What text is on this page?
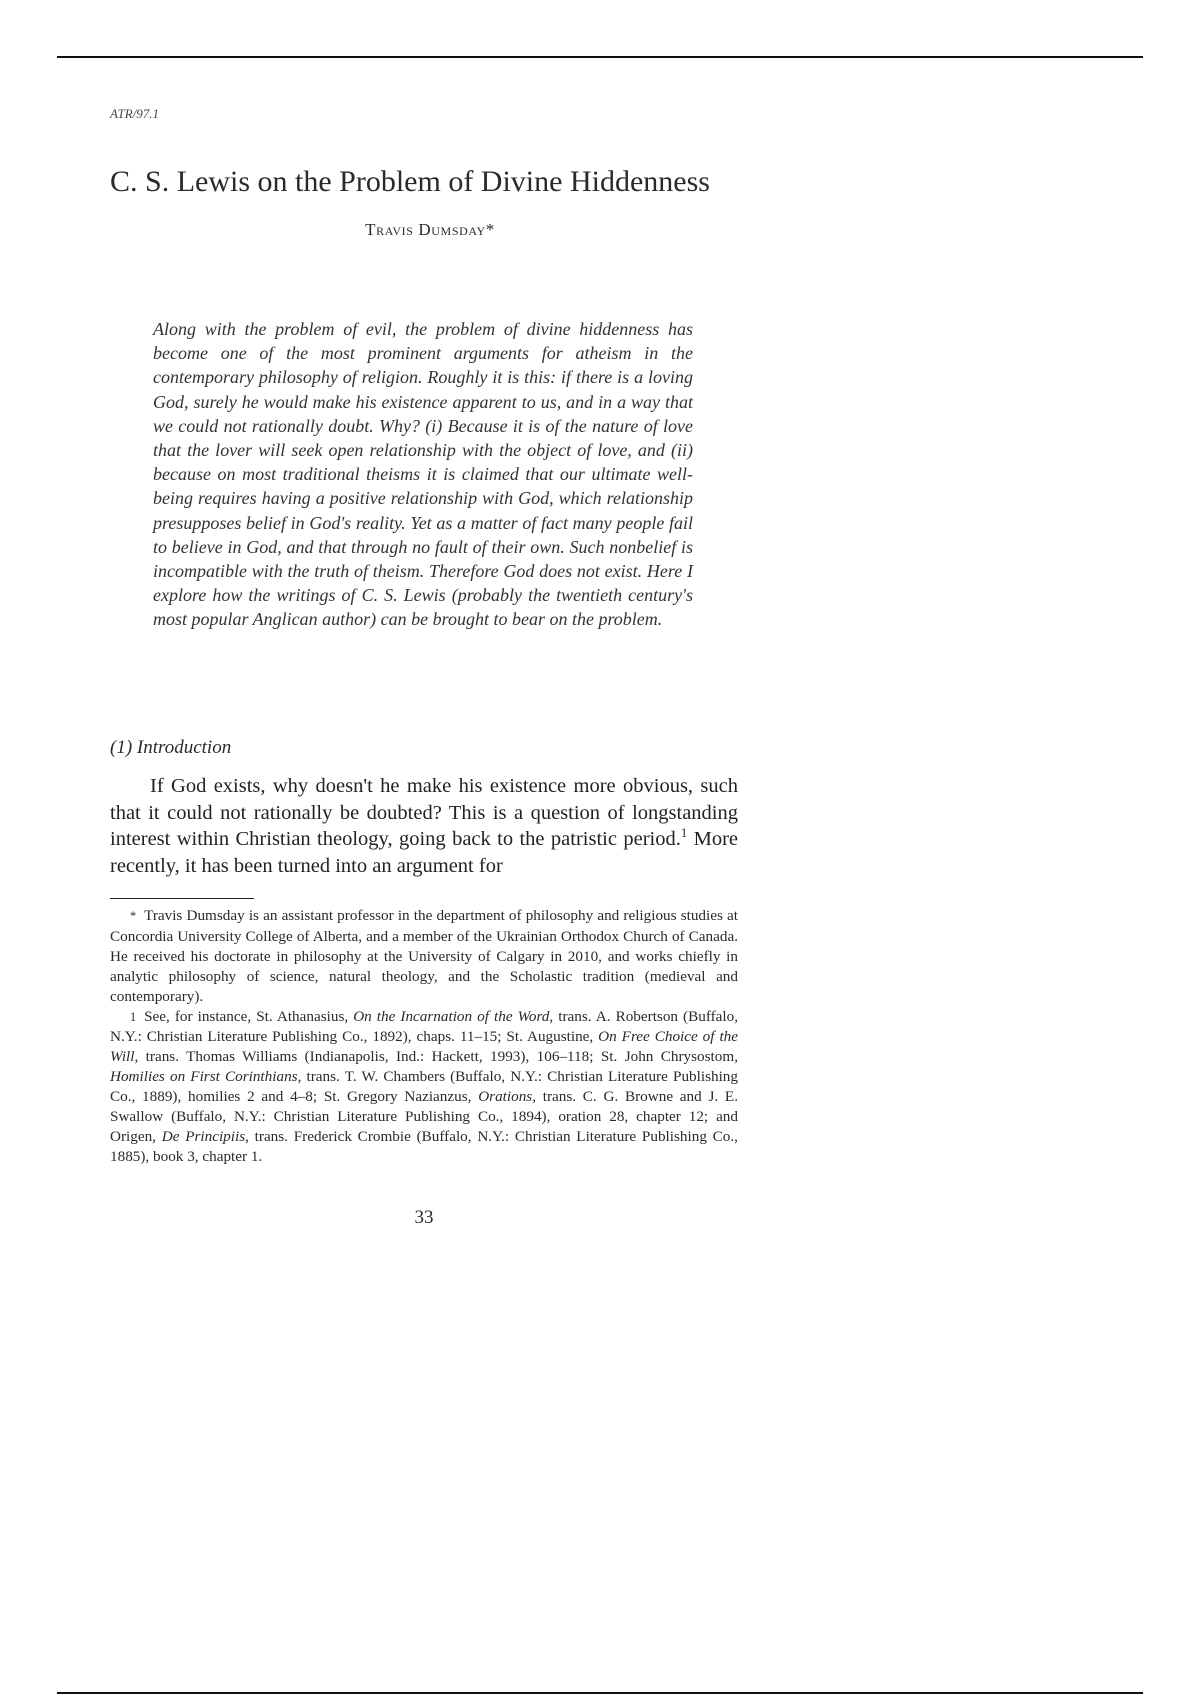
ATR/97.1
C. S. Lewis on the Problem of Divine Hiddenness
Travis Dumsday*
Along with the problem of evil, the problem of divine hiddenness has become one of the most prominent arguments for atheism in the contemporary philosophy of religion. Roughly it is this: if there is a loving God, surely he would make his existence apparent to us, and in a way that we could not rationally doubt. Why? (i) Because it is of the nature of love that the lover will seek open relationship with the object of love, and (ii) because on most traditional theisms it is claimed that our ultimate well-being requires having a positive relationship with God, which relationship presupposes belief in God's reality. Yet as a matter of fact many people fail to believe in God, and that through no fault of their own. Such nonbelief is incompatible with the truth of theism. Therefore God does not exist. Here I explore how the writings of C. S. Lewis (probably the twentieth century's most popular Anglican author) can be brought to bear on the problem.
(1) Introduction

If God exists, why doesn't he make his existence more obvious, such that it could not rationally be doubted? This is a question of longstanding interest within Christian theology, going back to the patristic period.$^1$ More recently, it has been turned into an argument for

* Travis Dumsday is an assistant professor in the department of philosophy and religious studies at Concordia University College of Alberta, and a member of the Ukrainian Orthodox Church of Canada. He received his doctorate in philosophy at the University of Calgary in 2010, and works chiefly in analytic philosophy of science, natural theology, and the Scholastic tradition (medieval and contemporary).

1 See, for instance, St. Athanasius, On the Incarnation of the Word, trans. A. Robertson (Buffalo, N.Y.: Christian Literature Publishing Co., 1892), chaps. 11–15; St. Augustine, On Free Choice of the Will, trans. Thomas Williams (Indianapolis, Ind.: Hackett, 1993), 106–118; St. John Chrysostom, Homilies on First Corinthians, trans. T. W. Chambers (Buffalo, N.Y.: Christian Literature Publishing Co., 1889), homilies 2 and 4–8; St. Gregory Nazianzus, Orations, trans. C. G. Browne and J. E. Swallow (Buffalo, N.Y.: Christian Literature Publishing Co., 1894), oration 28, chapter 12; and Origen, De Principiis, trans. Frederick Crombie (Buffalo, N.Y.: Christian Literature Publishing Co., 1885), book 3, chapter 1.

33
